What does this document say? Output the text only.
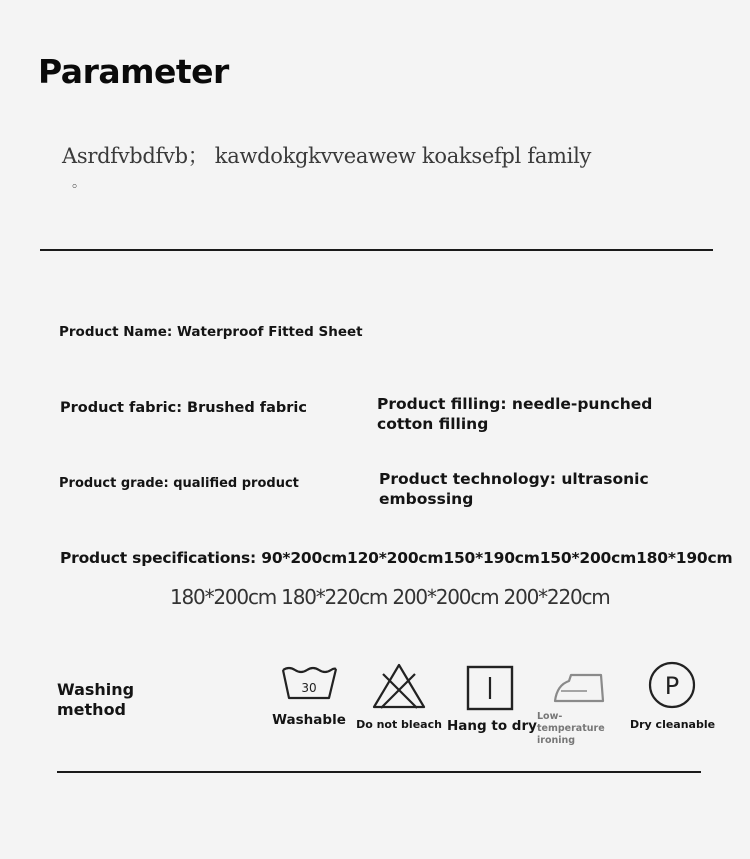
Parameter
Asrdfvbdfvb； kawdokgkvveawew koaksefpl family
。
Product Name: Waterproof Fitted Sheet
Product fabric: Brushed fabric	Product filling: needle-punched cotton filling
Product grade: qualified product	Product technology: ultrasonic embossing
Product specifications: 90*200cm120*200cm150*190cm150*200cm180*190cm
180*200cm 180*220cm 200*200cm 200*220cm
Washing method
30
Washable Do not bleach Hang to dry
Low-temperature ironing
P
Dry cleanable
